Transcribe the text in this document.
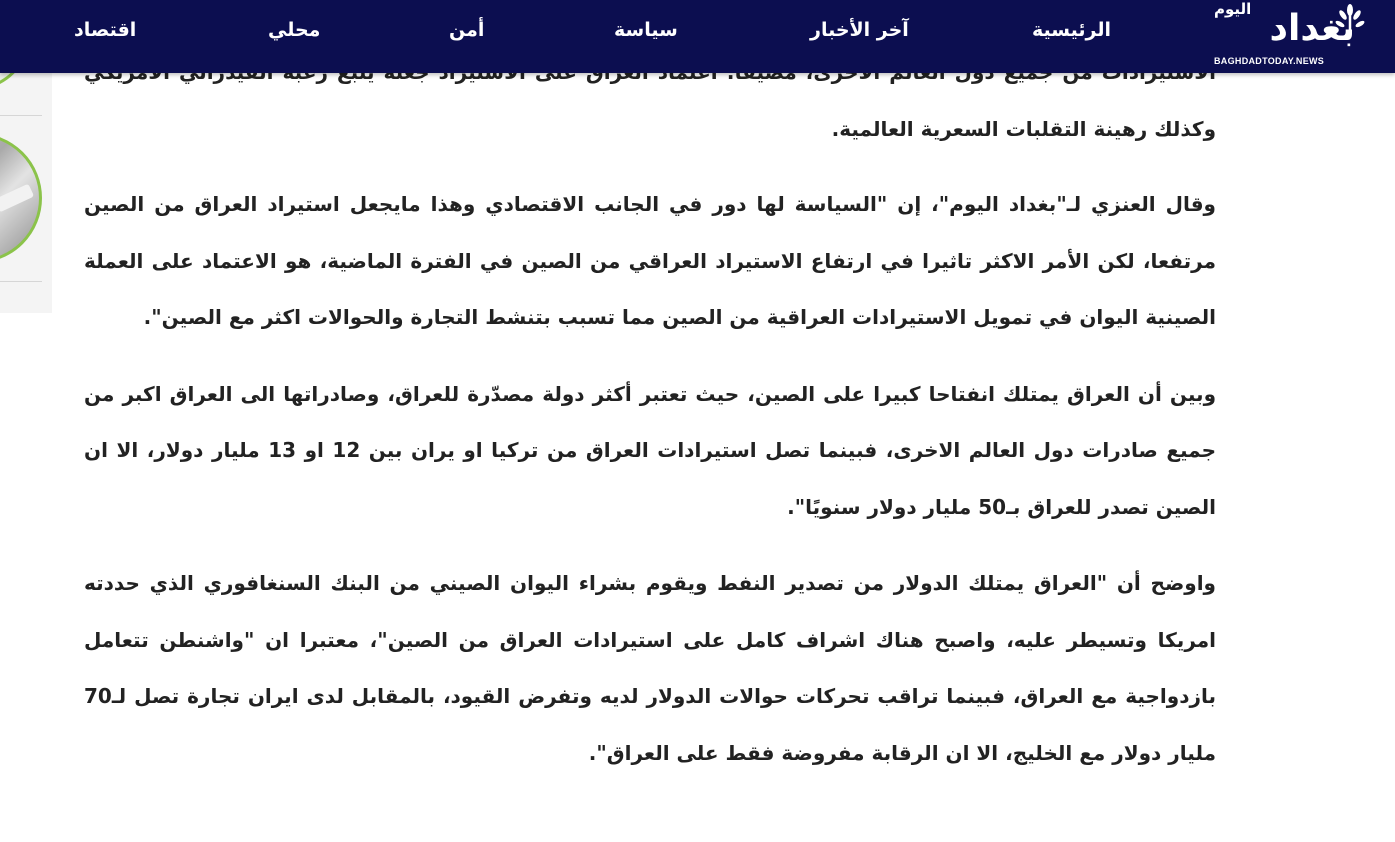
وكذلك رهينة التقلبات السعرية العالمية.

وقال العنزي لـ"بغداد اليوم"، إن "السياسة لها دور في الجانب الاقتصادي وهذا مايجعل استيراد العراق من الصين مرتفعا، لكن الأمر الاكثر تاثيرا في ارتفاع الاستيراد العراقي من الصين في الفترة الماضية، هو الاعتماد على العملة الصينية اليوان في تمويل الاستيرادات العراقية من الصين مما تسبب بتنشط التجارة والحوالات اكثر مع الصين".

وبين أن العراق يمتلك انفتاحا كبيرا على الصين، حيث تعتبر أكثر دولة مصدّرة للعراق، وصادراتها الى العراق اكبر من جميع صادرات دول العالم الاخرى، فبينما تصل استيرادات العراق من تركيا او يران بين 12 او 13 مليار دولار، الا ان الصين تصدر للعراق بـ50 مليار دولار سنويًا".

واوضح أن "العراق يمتلك الدولار من تصدير النفط ويقوم بشراء اليوان الصيني من البنك السنغافوري الذي حددته امريكا وتسيطر عليه، واصبح هناك اشراف كامل على استيرادات العراق من الصين"، معتبرا ان "واشنطن تتعامل بازدواجية مع العراق، فبينما تراقب تحركات حوالات الدولار لديه وتفرض القيود، بالمقابل لدى ايران تجارة تصل لـ70 مليار دولار مع الخليج، الا ان الرقابة مفروضة فقط على العراق".

الرئيسية
آخر الأخبار
سياسة
أمن
محلي
اقتصاد	بغداد
اليوم
BAGHDADTODAY.NEWS
